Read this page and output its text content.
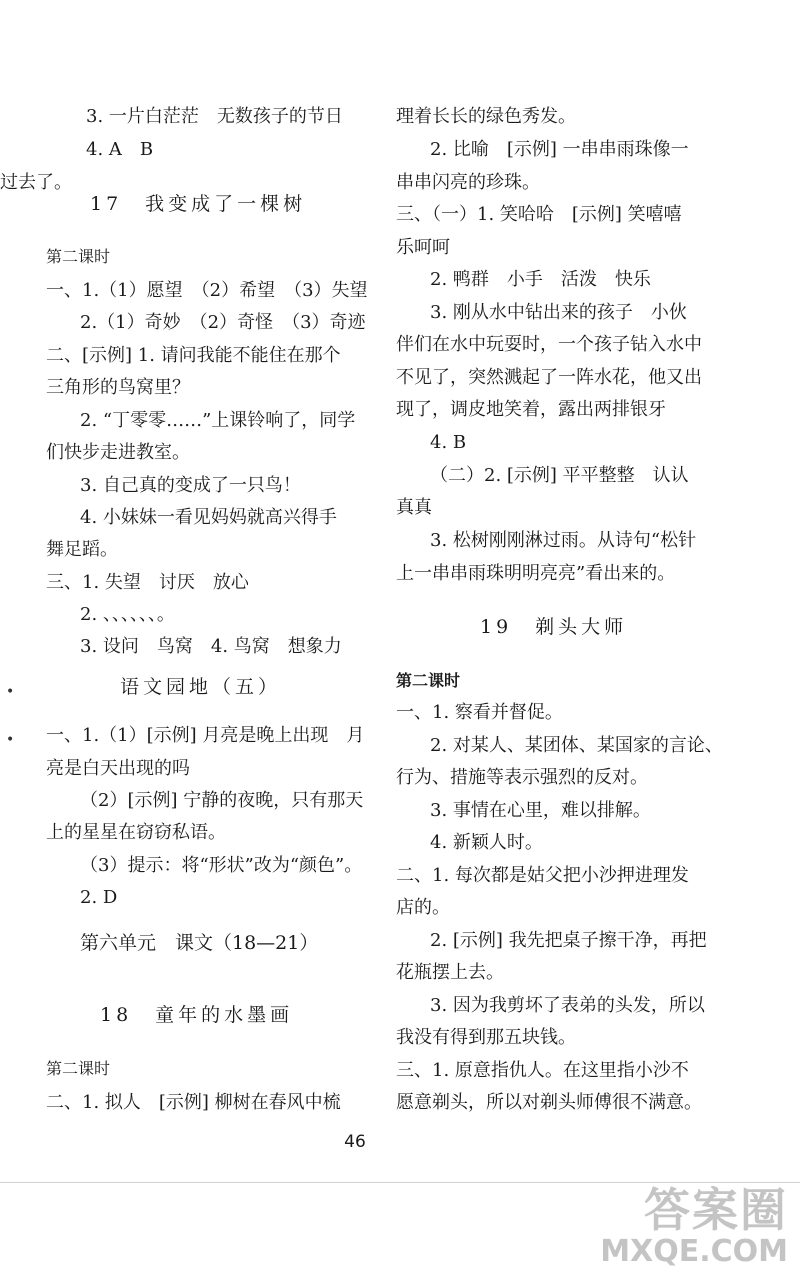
3. 一片白茫茫　无数孩子的节日
4. A　B
过去了。
17　我变成了一棵树
第二课时
一、1.（1）愿望　（2）希望　（3）失望
2.（1）奇妙　（2）奇怪　（3）奇迹
二、[示例] 1. 请问我能不能住在那个
三角形的鸟窝里？
2. “丁零零……”上课铃响了，同学
们快步走进教室。
3. 自己真的变成了一只鸟！
4. 小妹妹一看见妈妈就高兴得手
舞足蹈。
三、1. 失望　讨厌　放心
2. 、、、、、、。
3. 设问　鸟窝　4. 鸟窝　想象力
语文园地（五）
•
• 一、1.（1）[示例] 月亮是晚上出现　月
亮是白天出现的吗
（2）[示例] 宁静的夜晚，只有那天
上的星星在窃窃私语。
（3）提示：将“形状”改为“颜色”。
2. D
第六单元　课文（18—21）
18　童年的水墨画
第二课时
二、1. 拟人　[示例] 柳树在春风中梳
理着长长的绿色秀发。
2. 比喻　[示例] 一串串雨珠像一
串串闪亮的珍珠。
三、（一）1. 笑哈哈　[示例] 笑嘻嘻
乐呵呵
2. 鸭群　小手　活泼　快乐
3. 刚从水中钻出来的孩子　小伙
伴们在水中玩耍时，一个孩子钻入水中
不见了，突然溅起了一阵水花，他又出
现了，调皮地笑着，露出两排银牙
4. B
（二）2. [示例] 平平整整　认认
真真
3. 松树刚刚淋过雨。从诗句“松针
上一串串雨珠明明亮亮”看出来的。
19　剃头大师
第二课时
一、1. 察看并督促。
2. 对某人、某团体、某国家的言论、
行为、措施等表示强烈的反对。
3. 事情在心里，难以排解。
4. 新颖人时。
二、1. 每次都是姑父把小沙押进理发
店的。
2. [示例] 我先把桌子擦干净，再把
花瓶摆上去。
3. 因为我剪坏了表弟的头发，所以
我没有得到那五块钱。
三、1. 原意指仇人。在这里指小沙不
愿意剃头，所以对剃头师傅很不满意。
46
答案圈
MXQE.COM
